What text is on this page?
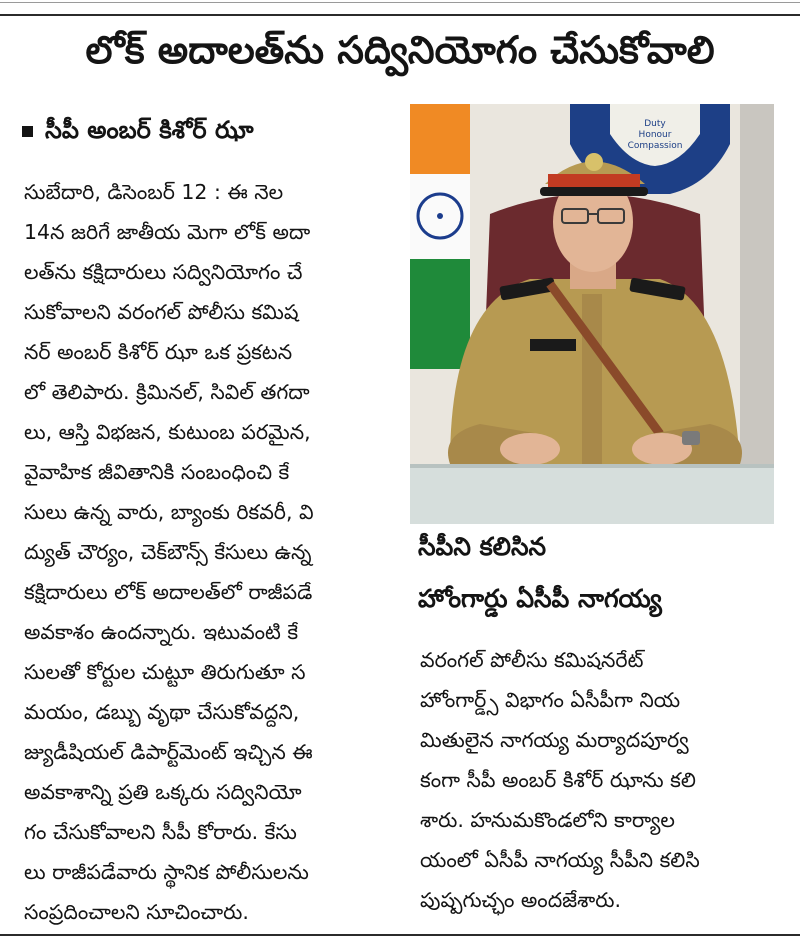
లోక్ అదాలత్‌ను సద్వినియోగం చేసుకోవాలి
సీపీ అంబర్ కిశోర్ ఝా
సుబేదారి, డిసెంబర్ 12 : ఈ నెల
14న జరిగే జాతీయ మెగా లోక్ అదా
లత్‌ను కక్షిదారులు సద్వినియోగం చే
సుకోవాలని వరంగల్ పోలీసు కమిష
నర్ అంబర్ కిశోర్ ఝా ఒక ప్రకటన
లో తెలిపారు. క్రిమినల్, సివిల్ తగదా
లు, ఆస్తి విభజన, కుటుంబ పరమైన,
వైవాహిక జీవితానికి సంబంధించి కే
సులు ఉన్న వారు, బ్యాంకు రికవరీ, వి
ద్యుత్ చౌర్యం, చెక్‌బౌన్స్ కేసులు ఉన్న
కక్షిదారులు లోక్ అదాలత్‌లో రాజీపడే
అవకాశం ఉందన్నారు. ఇటువంటి కే
సులతో కోర్టుల చుట్టూ తిరుగుతూ స
మయం, డబ్బు వృథా చేసుకోవద్దని,
జ్యుడీషియల్ డిపార్ట్‌మెంట్ ఇచ్చిన ఈ
అవకాశాన్ని ప్రతి ఒక్కరు సద్వినియో
గం చేసుకోవాలని సీపీ కోరారు. కేసు
లు రాజీపడేవారు స్థానిక పోలీసులను
సంప్రదించాలని సూచించారు.
Duty
Honour
Compassion
సీపీని కలిసిన
హోంగార్డు ఏసీపీ నాగయ్య
వరంగల్ పోలీసు కమిషనరేట్
హోంగార్డ్స్ విభాగం ఏసీపీగా నియ
మితులైన నాగయ్య మర్యాదపూర్వ
కంగా సీపీ అంబర్ కిశోర్ ఝాను కలి
శారు. హనుమకొండలోని కార్యాల
యంలో ఏసీపీ నాగయ్య సీపీని కలిసి
పుష్పగుచ్ఛం అందజేశారు.
